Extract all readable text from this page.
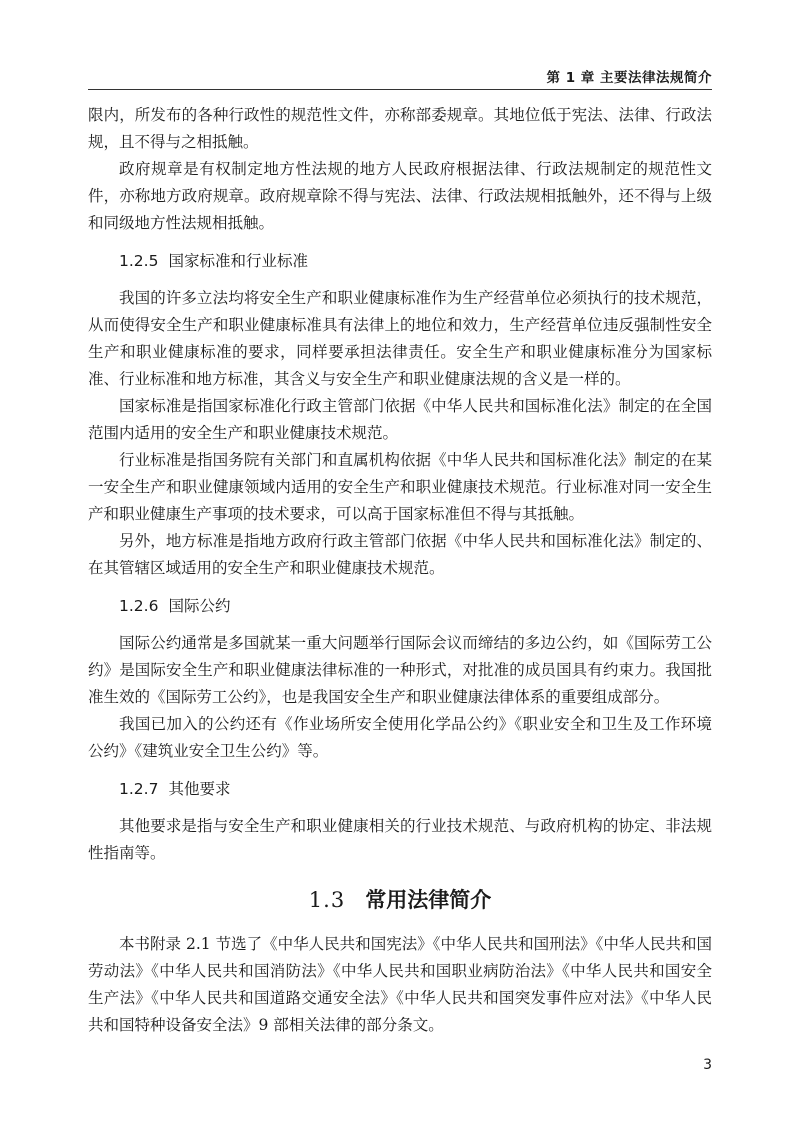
第 1 章 主要法律法规简介

限内，所发布的各种行政性的规范性文件，亦称部委规章。其地位低于宪法、法律、行政法规，且不得与之相抵触。

政府规章是有权制定地方性法规的地方人民政府根据法律、行政法规制定的规范性文件，亦称地方政府规章。政府规章除不得与宪法、法律、行政法规相抵触外，还不得与上级和同级地方性法规相抵触。

1.2.5 国家标准和行业标准

我国的许多立法均将安全生产和职业健康标准作为生产经营单位必须执行的技术规范，从而使得安全生产和职业健康标准具有法律上的地位和效力，生产经营单位违反强制性安全生产和职业健康标准的要求，同样要承担法律责任。安全生产和职业健康标准分为国家标准、行业标准和地方标准，其含义与安全生产和职业健康法规的含义是一样的。

国家标准是指国家标准化行政主管部门依据《中华人民共和国标准化法》制定的在全国范围内适用的安全生产和职业健康技术规范。

行业标准是指国务院有关部门和直属机构依据《中华人民共和国标准化法》制定的在某一安全生产和职业健康领域内适用的安全生产和职业健康技术规范。行业标准对同一安全生产和职业健康生产事项的技术要求，可以高于国家标准但不得与其抵触。

另外，地方标准是指地方政府行政主管部门依据《中华人民共和国标准化法》制定的、在其管辖区域适用的安全生产和职业健康技术规范。

1.2.6 国际公约

国际公约通常是多国就某一重大问题举行国际会议而缔结的多边公约，如《国际劳工公约》是国际安全生产和职业健康法律标准的一种形式，对批准的成员国具有约束力。我国批准生效的《国际劳工公约》，也是我国安全生产和职业健康法律体系的重要组成部分。

我国已加入的公约还有《作业场所安全使用化学品公约》《职业安全和卫生及工作环境公约》《建筑业安全卫生公约》等。

1.2.7 其他要求

其他要求是指与安全生产和职业健康相关的行业技术规范、与政府机构的协定、非法规性指南等。

1.3 常用法律简介

本书附录 2.1 节选了《中华人民共和国宪法》《中华人民共和国刑法》《中华人民共和国劳动法》《中华人民共和国消防法》《中华人民共和国职业病防治法》《中华人民共和国安全生产法》《中华人民共和国道路交通安全法》《中华人民共和国突发事件应对法》《中华人民共和国特种设备安全法》9 部相关法律的部分条文。

3
